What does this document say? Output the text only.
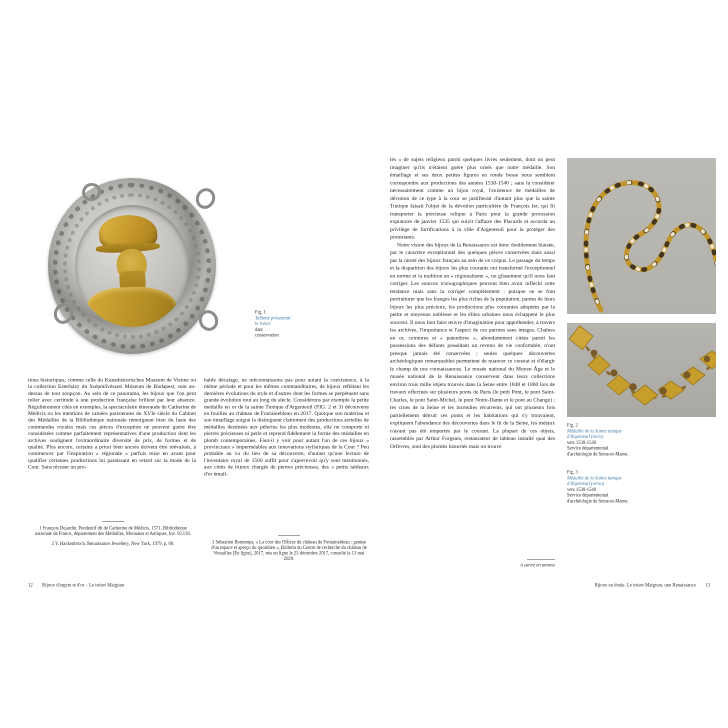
Fig. 1
Tablette présentant
le trésor
date
conservation

tions historiques, comme celle du Kunsthistorisches Museum de Vienne ou la collection Esterházy du Szépművészeti Múzeum de Budapest, sont au-dessus de tout soupçon. Au sein de ce panorama, les bijoux que l'on peut relier avec certitude à une production française brillent par leur absence. Régulièrement cités en exemples, la spectaculaire émeraude de Catherine de Médicis ou les mentions de camées parisiennes du XVIe siècle du Cabinet des Médailles de la Bibliothèque nationale témoignent bien du faste des commandes royales mais ces pièces d'exception ne peuvent guère être considérées comme parfaitement représentatives d'une production dont les archives soulignent l'extraordinaire diversité de prix, de formes et de qualité. Plus encore, certains a priori bien ancrés doivent être réévalués, à commencer par l'inspiration « régionale » parfois mise en avant pour qualifier certaines productions lui paraissant en retard sur la mode de la Cour. Sans récuser un pro-

bable décalage, ne méconnaissons pas pour autant la coexistence, à la même période et pour les mêmes commanditaires, de bijoux reflétant les dernières évolutions du style et d'autres dont les formes se perpétuent sans grande évolution tout au long du siècle. Considérons par exemple la petite médaille en or de la sainte Tunique d'Argenteuil (FIG. 2 et 3) découverte en fouilles au château de Fontainebleau en 2017. Quoique son matériau et son émaillage soigné la distinguent clairement des productions sérielles de médailles destinées aux pèlerins les plus modestes, elle ne comporte ni pierres précieuses ni perle et reprend fidèlement la forme des médailles en plomb contemporaines. Faut-il y voir pour autant l'un de ces bijoux « provinciaux » imperméables aux innovations stylistiques de la Cour ? Peu probable au vu du lieu de sa découverte, d'autant qu'une lecture de l'inventaire royal de 1560 suffit pour s'apercevoir qu'y sont mentionnés, aux côtés de bijoux chargés de pierres précieuses, des « petits tableaux d'or émail-

1 François Dujardin, Pendentif dit de Catherine de Médicis, 1571, Bibliothèque nationale de France, département des Médailles, Monnaies et Antiques, Inv. 56.136.
2 Y. Hackenbroch, Renaissance Jewellery, New York, 1979, p. 68.	3 Sébastien Bontemps, « La cour des Offices du château de Fontainebleau : genèse d'un espace et aperçu du quotidien », Bulletin du Centre de recherche du château de Versailles [En ligne], 2017, mis en ligne le 23 décembre 2017, consulté le 13 mai 2020.
12 Bijoux d'argent et d'or – Le trésor Maignan

lés » de sujets religieux parmi quelques livres seulement, dont on peut imaginer qu'ils n'étaient guère plus ornés que notre médaille. Son émaillage et ses deux petites figures en ronde bosse nous semblent correspondre aux productions des années 1530-1540 ; sans la considérer nécessairement comme un bijou royal, l'existence de médailles de dévotion de ce type à la cour se justifierait d'autant plus que la sainte Tunique faisait l'objet de la dévotion particulière de François Ier, qui fit transporter la précieuse relique à Paris pour la grande procession expiatoire de janvier 1535 qui suivit l'affaire des Placards et accorda un privilège de fortifications à la ville d'Argenteuil pour la protéger des protestants.

Notre vision des bijoux de la Renaissance est donc doublement biaisée, par le caractère exceptionnel des quelques pièces conservées mais aussi par la rareté des bijoux français au sein de ce corpus. Le passage du temps et la disparition des bijoux les plus courants ont transformé l'exceptionnel en norme et la tradition en « régionalisme », un glissement qu'il nous faut corriger. Les sources iconographiques peuvent bien avoir infléchi cette tendance mais sans la corriger complètement : puisque ne se font portraiturer que les franges les plus riches de la population, parées de leurs bijoux les plus précieux, les productions plus courantes adoptées par la petite et moyenne noblesse et les élites urbaines nous échappent le plus souvent. Il nous faut faire œuvre d'imagination pour appréhender, à travers les archives, l'importance et l'aspect de ces parures sans images. Chaînes en or, ceintures et « patenôtres », abondamment citées parmi les possessions des défunts possédant un revenu de vie confortable, n'ont presque jamais été conservées ; seules quelques découvertes archéologiques remarquables permettent de nuancer ce constat et d'élargir le champ de nos connaissances. Le musée national du Moyen Âge et le musée national de la Renaissance conservent dans leurs collections environ trois mille objets trouvés dans la Seine entre 1848 et 1860 lors de travaux effectués sur plusieurs ponts de Paris (le petit Pont, le pont Saint-Charles, le pont Saint-Michel, le pont Notre-Dame et le pont au Change) ; les crues de la Seine et les incendies récurrents, qui ont plusieurs fois partiellement détruit ces ponts et les habitations qui s'y trouvaient, expliquent l'abondance des découvertes dans le lit de la Seine, les métaux n'ayant pas été emportés par le courant. La plupart de ces objets, rassemblés par Arthur Forgeais, restaurateur de tableau installé quai des Orfèvres, sont des plombs historiés mais on trouve

à suivre en annexe
Fig. 2
Médaille de la Sainte tunique
d'Argenteuil (recto)
vers 1530-1540
Service départemental
d'archéologie de Seine-et-Marne.
Fig. 3
Médaille de la Sainte tunique
d'Argenteuil (verso)
vers 1530-1540
Service départemental
d'archéologie de Seine-et-Marne.
Bijoux en étude. Le trésor Maignan, une Renaissance 13
